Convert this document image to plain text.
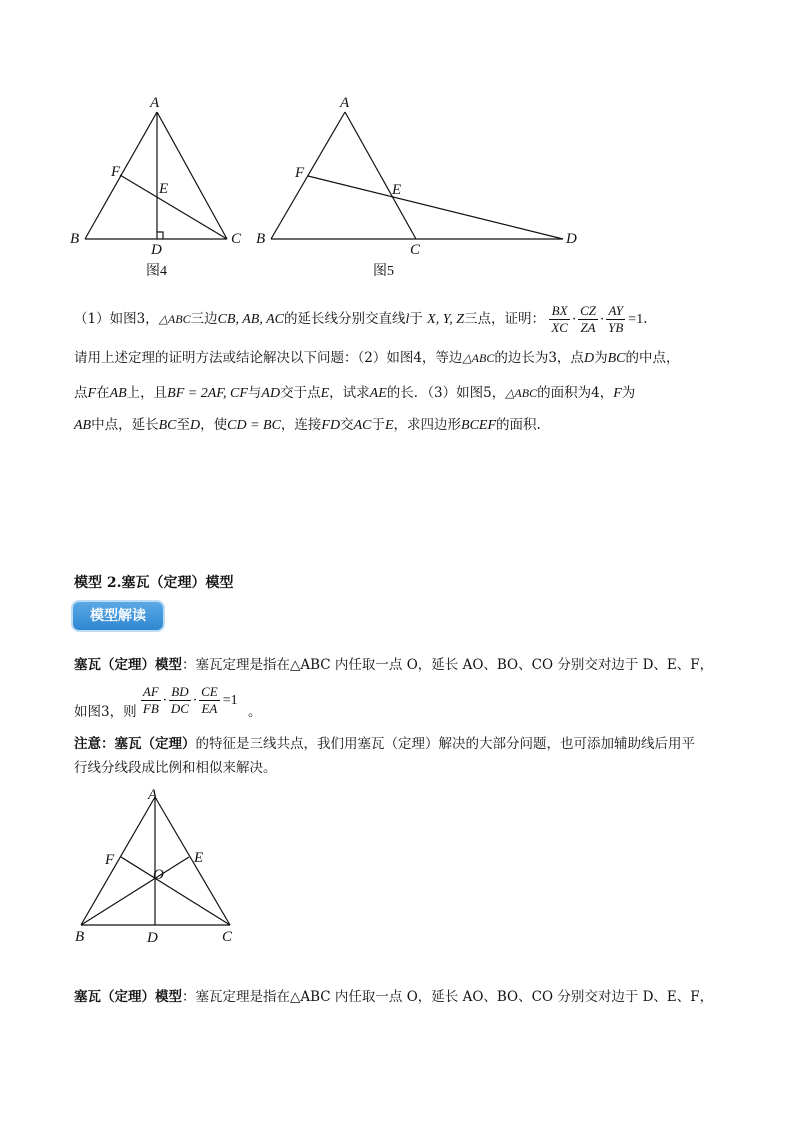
A
B	C
D
E
F
图4
A
B
C
D
E
F
图5
（1）如图3，△ABC三边CB, AB, AC的延长线分别交直线l于 X, Y, Z三点，证明： $\frac{BX}{XC} \cdot \frac{CZ}{ZA} \cdot \frac{AY}{YB} =1$.
请用上述定理的证明方法或结论解决以下问题：（2）如图4，等边△ABC的边长为3，点D为BC的中点，
点F在AB上，且BF = 2AF, CF与AD交于点E，试求AE的长．（3）如图5，△ABC的面积为4，F为
AB中点，延长BC至D，使CD = BC，连接FD交AC于E，求四边形BCEF的面积.
模型 2.塞瓦（定理）模型
模型解读
塞瓦（定理）模型：塞瓦定理是指在△ABC 内任取一点 O，延长 AO、BO、CO 分别交对边于 D、E、F，
如图3，则 $\frac{AF}{FB} \cdot \frac{BD}{DC} \cdot \frac{CE}{EA} =1$ 。
注意：塞瓦（定理）的特征是三线共点，我们用塞瓦（定理）解决的大部分问题，也可添加辅助线后用平
行线分线段成比例和相似来解决。
A
B	C
D
E
F
O
塞瓦（定理）模型：塞瓦定理是指在△ABC 内任取一点 O，延长 AO、BO、CO 分别交对边于 D、E、F，
